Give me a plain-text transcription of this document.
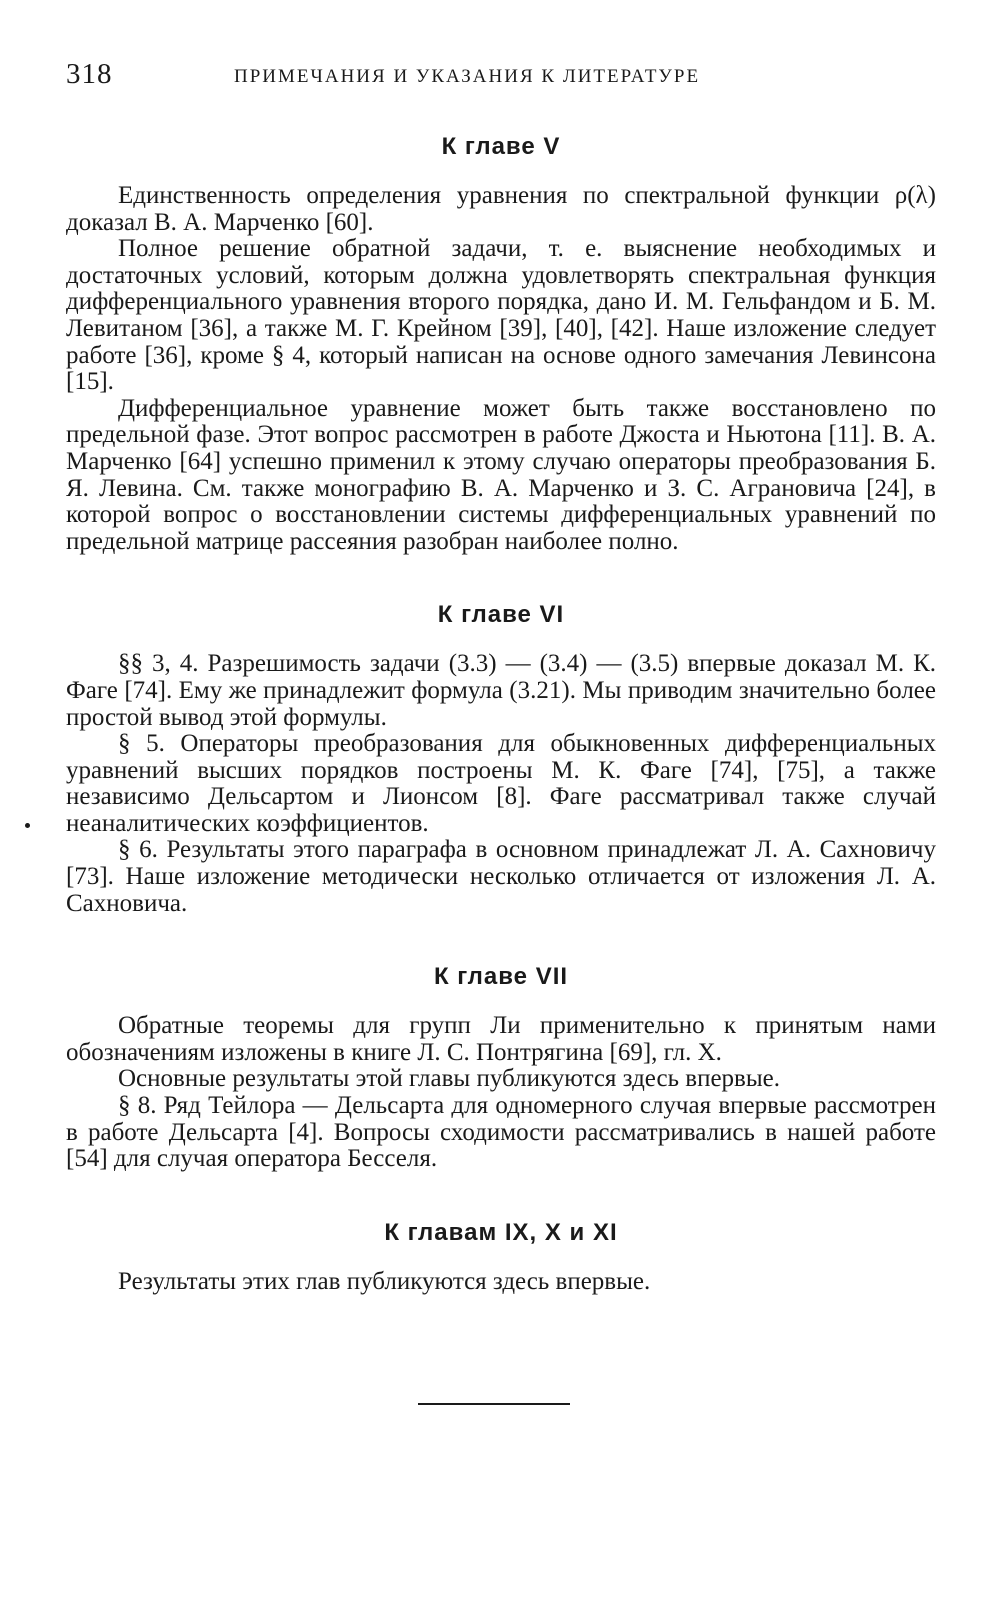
318	ПРИМЕЧАНИЯ И УКАЗАНИЯ К ЛИТЕРАТУРЕ
К главе V

Единственность определения уравнения по спектральной функции ρ(λ) доказал В. А. Марченко [60].

Полное решение обратной задачи, т. е. выяснение необходимых и достаточных условий, которым должна удовлетворять спектральная функция дифференциального уравнения второго порядка, дано И. М. Гельфандом и Б. М. Левитаном [36], а также М. Г. Крейном [39], [40], [42]. Наше изложение следует работе [36], кроме § 4, который написан на основе одного замечания Левинсона [15].

Дифференциальное уравнение может быть также восстановлено по предельной фазе. Этот вопрос рассмотрен в работе Джоста и Ньютона [11]. В. А. Марченко [64] успешно применил к этому случаю операторы преобразования Б. Я. Левина. См. также монографию В. А. Марченко и З. С. Аграновича [24], в которой вопрос о восстановлении системы дифференциальных уравнений по предельной матрице рассеяния разобран наиболее полно.

К главе VI

§§ 3, 4. Разрешимость задачи (3.3) — (3.4) — (3.5) впервые доказал М. К. Фаге [74]. Ему же принадлежит формула (3.21). Мы приводим значительно более простой вывод этой формулы.

§ 5. Операторы преобразования для обыкновенных дифференциальных уравнений высших порядков построены М. К. Фаге [74], [75], а также независимо Дельсартом и Лионсом [8]. Фаге рассматривал также случай неаналитических коэффициентов.

§ 6. Результаты этого параграфа в основном принадлежат Л. А. Сахновичу [73]. Наше изложение методически несколько отличается от изложения Л. А. Сахновича.

К главе VII

Обратные теоремы для групп Ли применительно к принятым нами обозначениям изложены в книге Л. С. Понтрягина [69], гл. X.

Основные результаты этой главы публикуются здесь впервые.

§ 8. Ряд Тейлора — Дельсарта для одномерного случая впервые рассмотрен в работе Дельсарта [4]. Вопросы сходимости рассматривались в нашей работе [54] для случая оператора Бесселя.

К главам IX, X и XI

Результаты этих глав публикуются здесь впервые.
